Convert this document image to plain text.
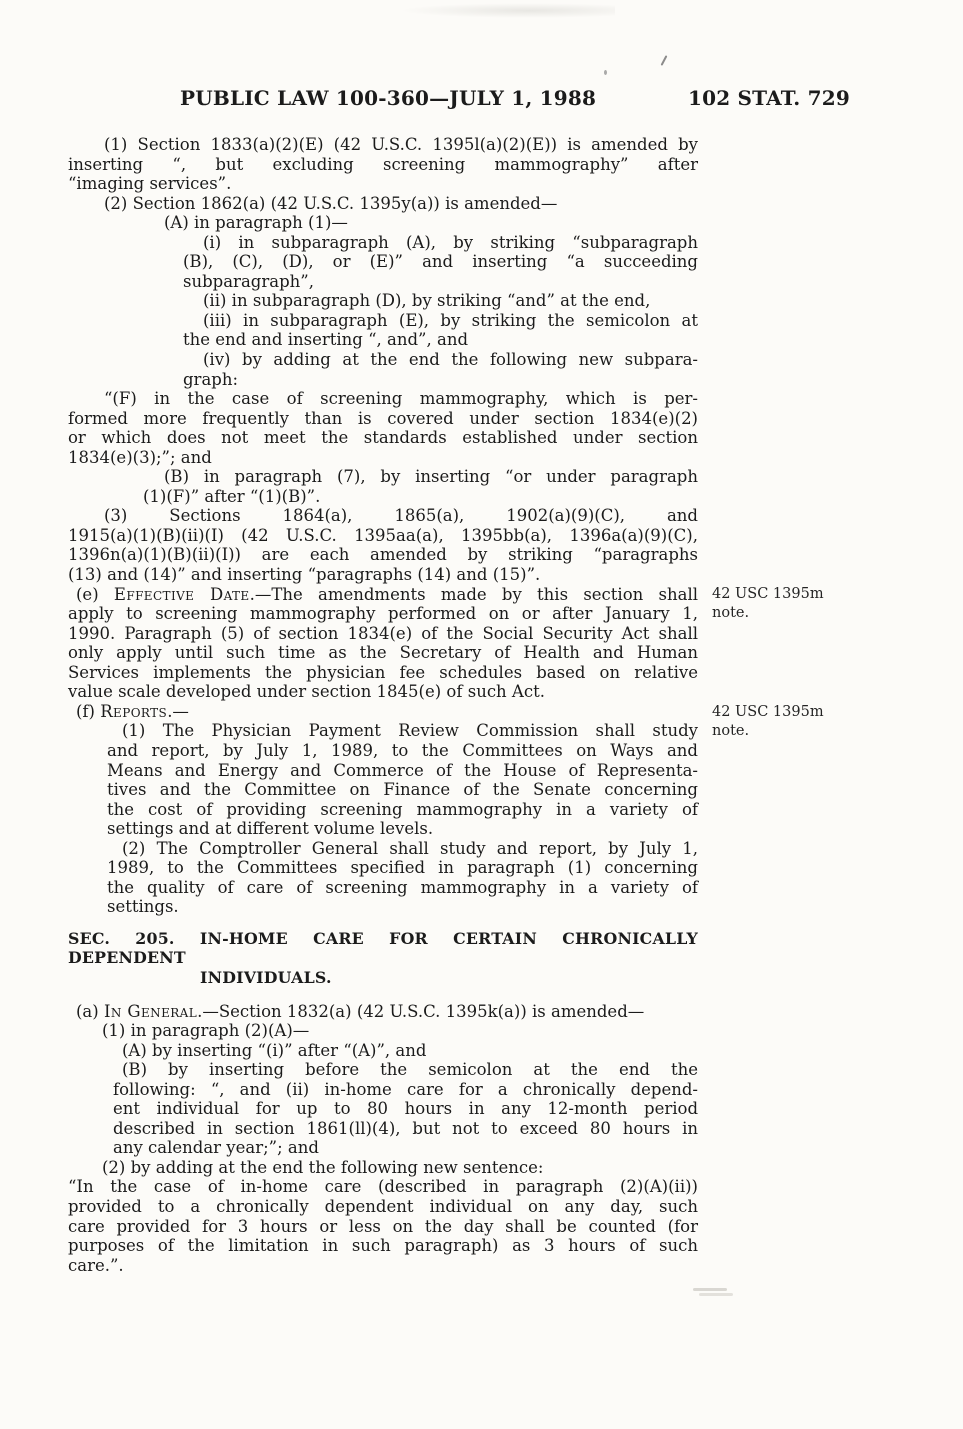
PUBLIC LAW 100-360—JULY 1, 1988	102 STAT. 729
(1) Section 1833(a)(2)(E) (42 U.S.C. 1395l(a)(2)(E)) is amended by
inserting “, but excluding screening mammography” after
“imaging services”.
(2) Section 1862(a) (42 U.S.C. 1395y(a)) is amended—
(A) in paragraph (1)—
(i) in subparagraph (A), by striking “subparagraph
(B), (C), (D), or (E)” and inserting “a succeeding
subparagraph”,
(ii) in subparagraph (D), by striking “and” at the end,
(iii) in subparagraph (E), by striking the semicolon at
the end and inserting “, and”, and
(iv) by adding at the end the following new subpara-
graph:
“(F) in the case of screening mammography, which is per-
formed more frequently than is covered under section 1834(e)(2)
or which does not meet the standards established under section
1834(e)(3);”; and
(B) in paragraph (7), by inserting “or under paragraph
(1)(F)” after “(1)(B)”.
(3) Sections 1864(a), 1865(a), 1902(a)(9)(C), and
1915(a)(1)(B)(ii)(I) (42 U.S.C. 1395aa(a), 1395bb(a), 1396a(a)(9)(C),
1396n(a)(1)(B)(ii)(I)) are each amended by striking “paragraphs
(13) and (14)” and inserting “paragraphs (14) and (15)”.
(e) Effective Date.—The amendments made by this section shall
apply to screening mammography performed on or after January 1,
1990. Paragraph (5) of section 1834(e) of the Social Security Act shall
only apply until such time as the Secretary of Health and Human
Services implements the physician fee schedules based on relative
value scale developed under section 1845(e) of such Act.
(f) Reports.—
(1) The Physician Payment Review Commission shall study
and report, by July 1, 1989, to the Committees on Ways and
Means and Energy and Commerce of the House of Representa-
tives and the Committee on Finance of the Senate concerning
the cost of providing screening mammography in a variety of
settings and at different volume levels.
(2) The Comptroller General shall study and report, by July 1,
1989, to the Committees specified in paragraph (1) concerning
the quality of care of screening mammography in a variety of
settings.
SEC. 205. IN-HOME CARE FOR CERTAIN CHRONICALLY DEPENDENT
INDIVIDUALS.
(a) In General.—Section 1832(a) (42 U.S.C. 1395k(a)) is amended—
(1) in paragraph (2)(A)—
(A) by inserting “(i)” after “(A)”, and
(B) by inserting before the semicolon at the end the
following: “, and (ii) in-home care for a chronically depend-
ent individual for up to 80 hours in any 12-month period
described in section 1861(ll)(4), but not to exceed 80 hours in
any calendar year;”; and
(2) by adding at the end the following new sentence:
“In the case of in-home care (described in paragraph (2)(A)(ii))
provided to a chronically dependent individual on any day, such
care provided for 3 hours or less on the day shall be counted (for
purposes of the limitation in such paragraph) as 3 hours of such
care.”.
42 USC 1395m
note.
42 USC 1395m
note.
